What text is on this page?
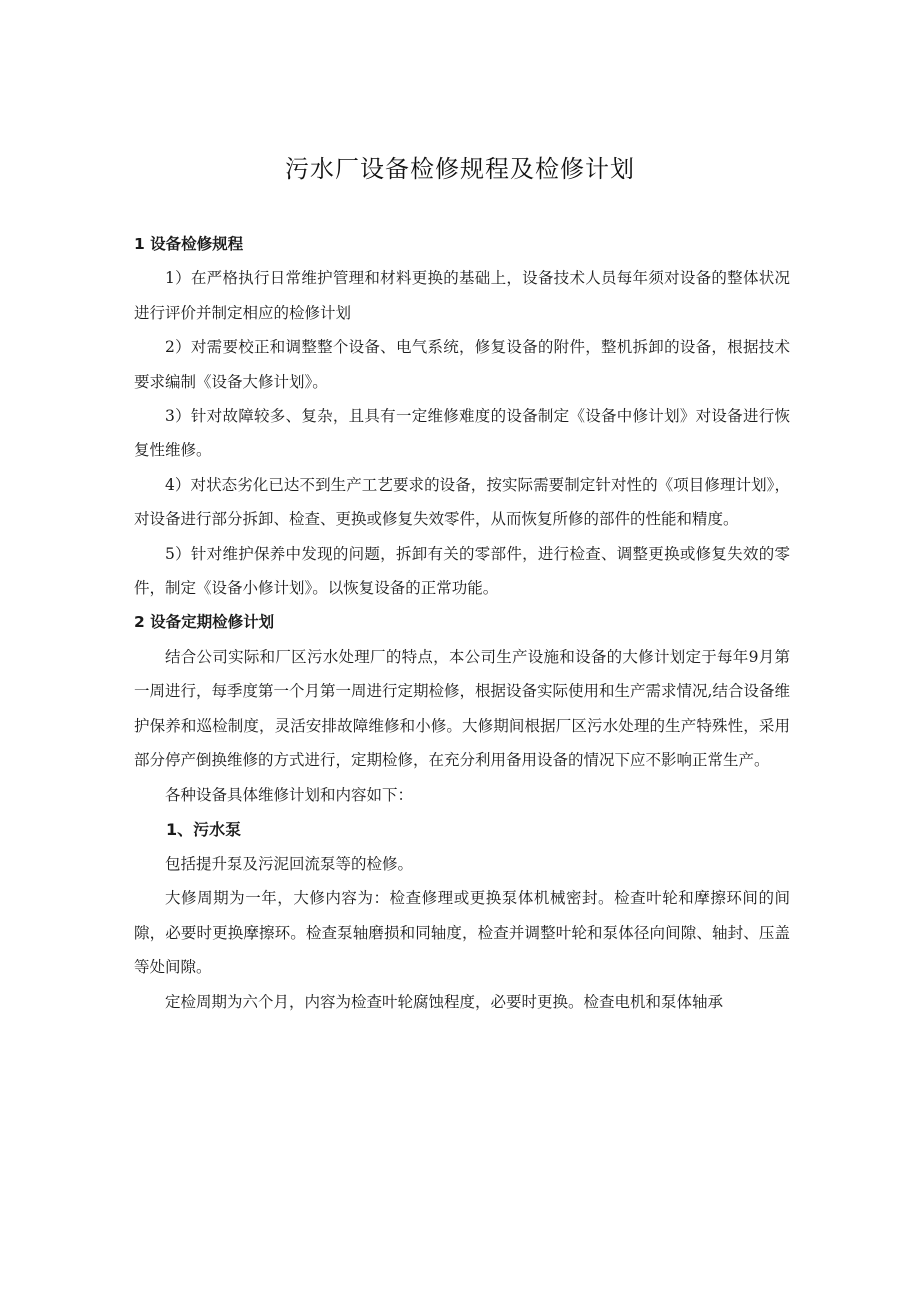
污水厂设备检修规程及检修计划

1 设备检修规程

1）在严格执行日常维护管理和材料更换的基础上，设备技术人员每年须对设备的整体状况进行评价并制定相应的检修计划

2）对需要校正和调整整个设备、电气系统，修复设备的附件，整机拆卸的设备，根据技术要求编制《设备大修计划》。

3）针对故障较多、复杂，且具有一定维修难度的设备制定《设备中修计划》对设备进行恢复性维修。

4）对状态劣化已达不到生产工艺要求的设备，按实际需要制定针对性的《项目修理计划》，对设备进行部分拆卸、检查、更换或修复失效零件，从而恢复所修的部件的性能和精度。

5）针对维护保养中发现的问题，拆卸有关的零部件，进行检查、调整更换或修复失效的零件，制定《设备小修计划》。以恢复设备的正常功能。

2 设备定期检修计划

结合公司实际和厂区污水处理厂的特点，本公司生产设施和设备的大修计划定于每年9月第一周进行，每季度第一个月第一周进行定期检修，根据设备实际使用和生产需求情况,结合设备维护保养和巡检制度，灵活安排故障维修和小修。大修期间根据厂区污水处理的生产特殊性，采用部分停产倒换维修的方式进行，定期检修，在充分利用备用设备的情况下应不影响正常生产。

各种设备具体维修计划和内容如下：

1、污水泵

包括提升泵及污泥回流泵等的检修。

大修周期为一年，大修内容为：检查修理或更换泵体机械密封。检查叶轮和摩擦环间的间隙，必要时更换摩擦环。检查泵轴磨损和同轴度，检查并调整叶轮和泵体径向间隙、轴封、压盖等处间隙。

定检周期为六个月，内容为检查叶轮腐蚀程度，必要时更换。检查电机和泵体轴承
